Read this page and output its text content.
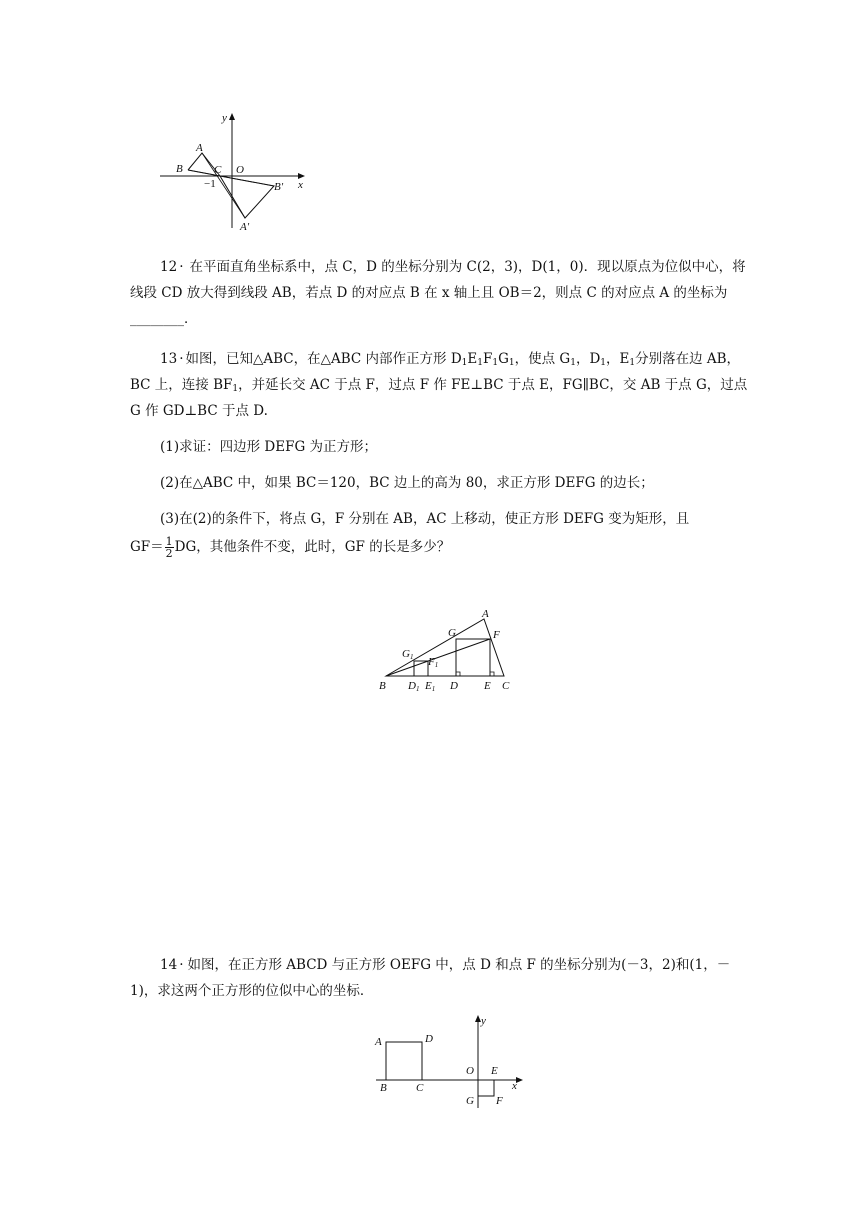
y
x
A
B	C O
−1	B′
A′

12 · 在平面直角坐标系中，点 C，D 的坐标分别为 C(2，3)，D(1，0)．现以原点为位似中心，将线段 CD 放大得到线段 AB，若点 D 的对应点 B 在 x 轴上且 OB＝2，则点 C 的对应点 A 的坐标为________．

13 · 如图，已知△ABC，在△ABC 内部作正方形 $D_1E_1F_1G_1$，使点 $G_1$，$D_1$，$E_1$分别落在边 AB，BC 上，连接 $BF_1$，并延长交 AC 于点 F，过点 F 作 FE⊥BC 于点 E，FG∥BC，交 AB 于点 G，过点 G 作 GD⊥BC 于点 D.

(1)求证：四边形 DEFG 为正方形；

(2)在△ABC 中，如果 BC＝120，BC 边上的高为 80，求正方形 DEFG 的边长；

(3)在(2)的条件下，将点 G，F 分别在 AB，AC 上移动，使正方形 DEFG 变为矩形，且

$GF= \frac{1}{2}$ DG，其他条件不变，此时，GF 的长是多少？

A
G	F
G1 F1
B D1 E1 D E C

14 · 如图，在正方形 ABCD 与正方形 OEFG 中，点 D 和点 F 的坐标分别为(－3，2)和(1，－1)，求这两个正方形的位似中心的坐标．

y
x
A	D
O E
B	C
G F
